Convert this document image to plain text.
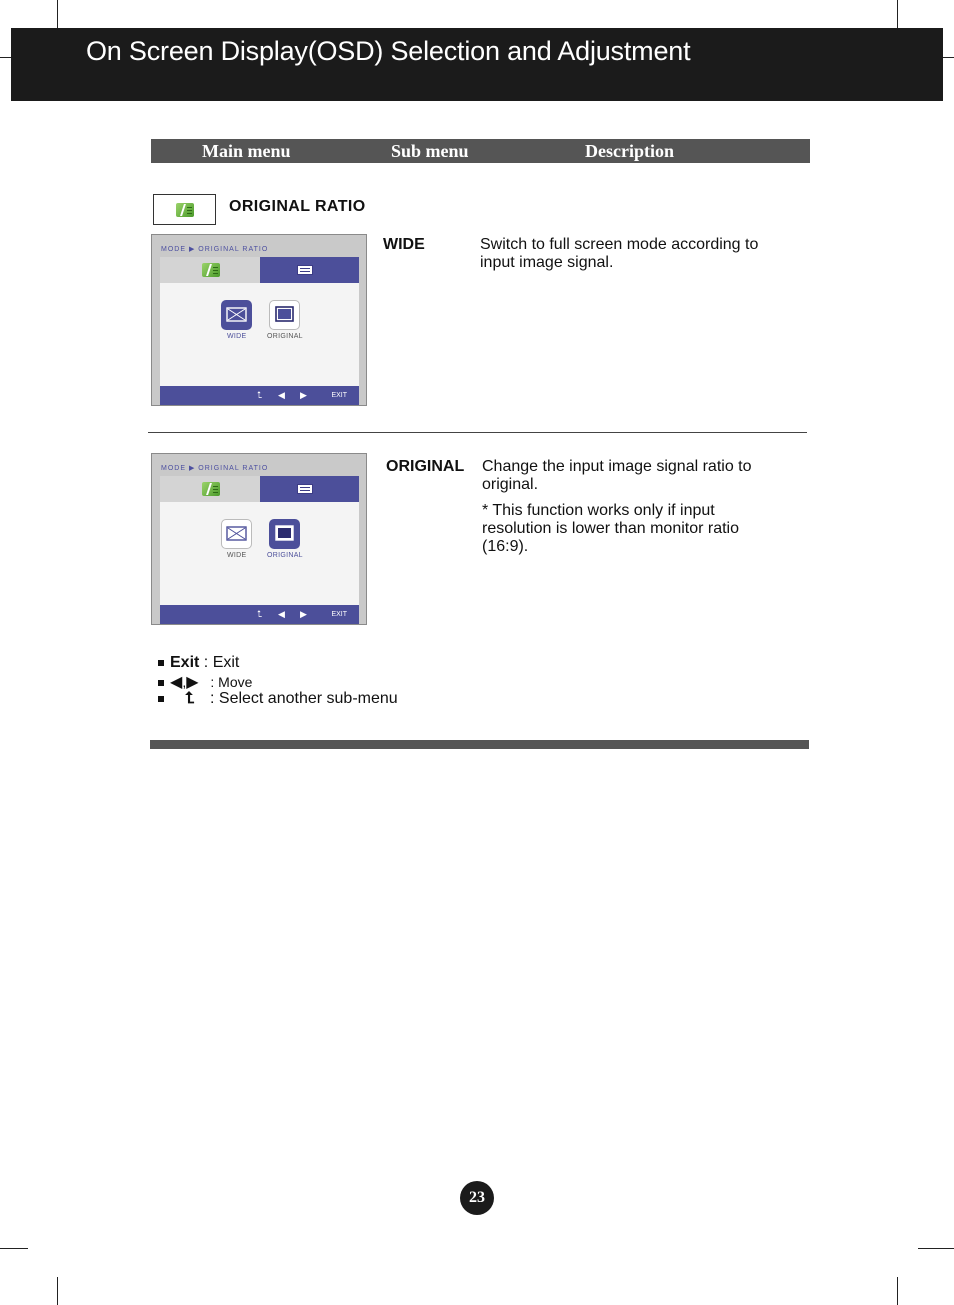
On Screen Display(OSD) Selection and Adjustment
Main menu	Sub menu	Description
ORIGINAL RATIO
MODE ▶ ORIGINAL RATIO
WIDE	ORIGINAL
⮤ ◀ ▶	EXIT
WIDE	Switch to full screen mode according to input image signal.
MODE ▶ ORIGINAL RATIO
WIDE	ORIGINAL
⮤ ◀ ▶	EXIT
ORIGINAL Change the input image signal ratio to original.
* This function works only if input resolution is lower than monitor ratio (16:9).
Exit : Exit
◀,▶ : Move
⮤ : Select another sub-menu
23
